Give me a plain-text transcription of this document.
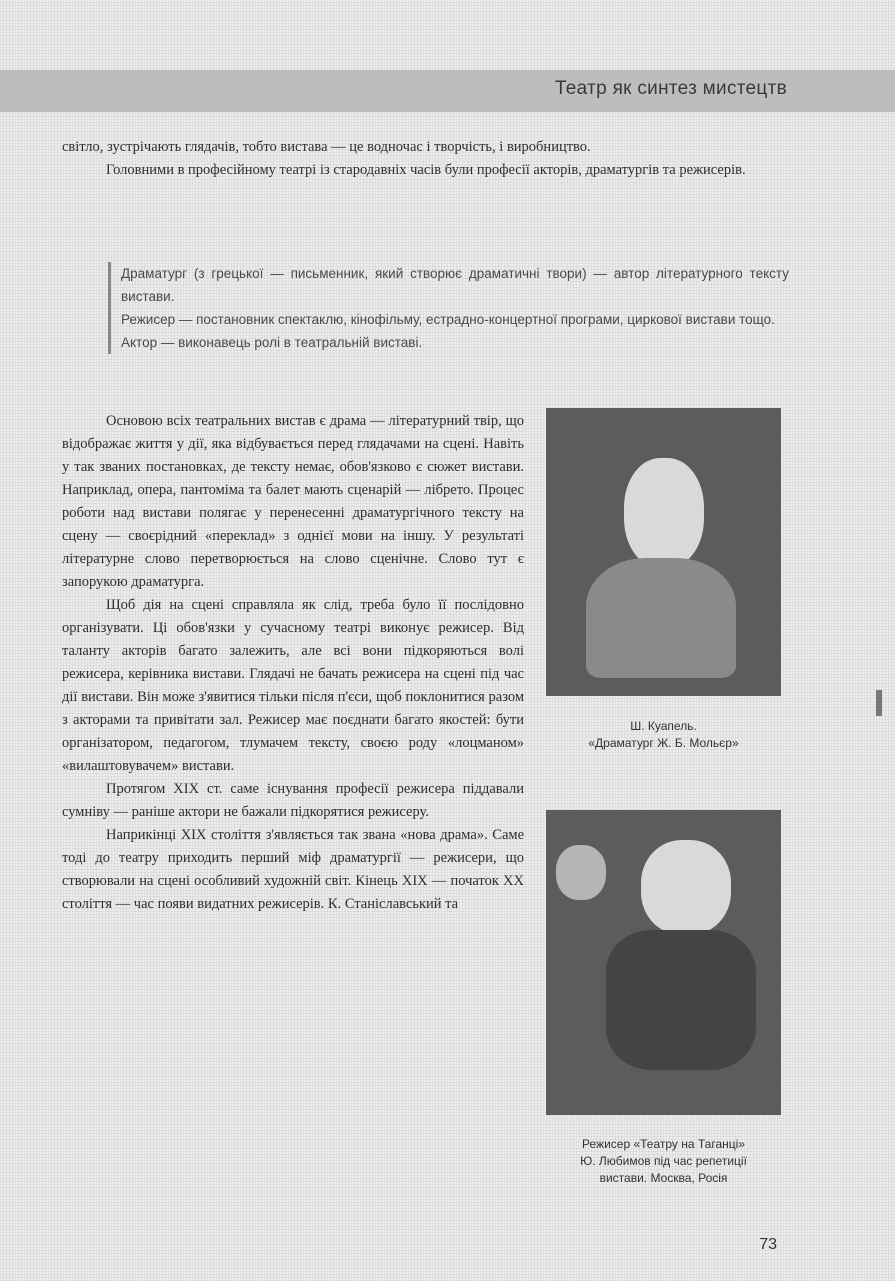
Театр як синтез мистецтв

світло, зустрічають глядачів, тобто вистава — це водночас і творчість, і виробництво.

Головними в професійному театрі із стародавніх часів були професії акторів, драматургів та режисерів.

Драматург (з грецької — письменник, який створює драматичні твори) — автор літературного тексту вистави.

Режисер — постановник спектаклю, кінофільму, естрадно-концертної програми, циркової вистави тощо.

Актор — виконавець ролі в театральній виставі.

Основою всіх театральних вистав є драма — літературний твір, що відображає життя у дії, яка відбувається перед глядачами на сцені. Навіть у так званих постановках, де тексту немає, обов'язково є сюжет вистави. Наприклад, опера, пантоміма та балет мають сценарій — лібрето. Процес роботи над вистави полягає у перенесенні драматургічного тексту на сцену — своєрідний «переклад» з однієї мови на іншу. У результаті літературне слово перетворюється на слово сценічне. Слово тут є запорукою драматурга.

Щоб дія на сцені справляла як слід, треба було її послідовно організувати. Ці обов'язки у сучасному театрі виконує режисер. Від таланту акторів багато залежить, але всі вони підкоряються волі режисера, керівника вистави. Глядачі не бачать режисера на сцені під час дії вистави. Він може з'явитися тільки після п'єси, щоб поклонитися разом з акторами та привітати зал. Режисер має поєднати багато якостей: бути організатором, педагогом, тлумачем тексту, своєю роду «лоцманом» «вилаштовувачем» вистави.

Протягом XIX ст. саме існування професії режисера піддавали сумніву — раніше актори не бажали підкорятися режисеру.

Наприкінці XIX століття з'являється так звана «нова драма». Саме тоді до театру приходить перший міф драматургії — режисери, що створювали на сцені особливий художній світ. Кінець XIX — початок XX століття — час появи видатних режисерів. К. Станіславський та

Ш. Куапель.
«Драматург Ж. Б. Мольєр»
Режисер «Театру на Таганці»
Ю. Любимов під час репетиції
вистави. Москва, Росія
73
